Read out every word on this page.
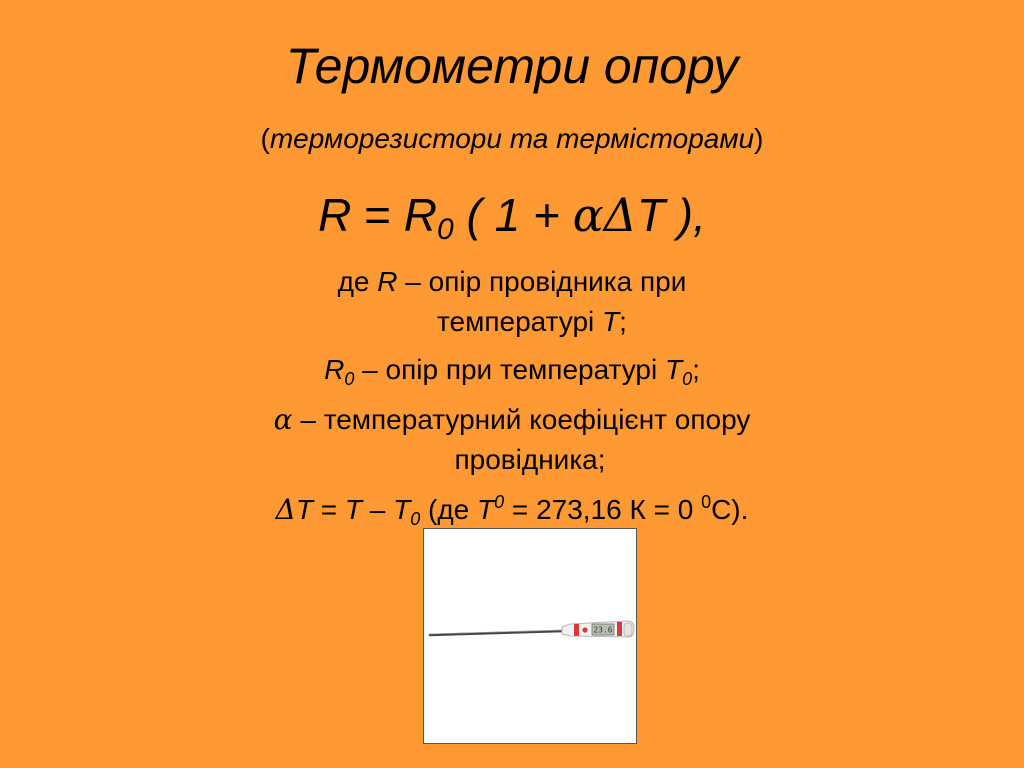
Термометри опору
(терморезистори та термісторами)
$R = R_0$ ( 1 + αΔT ),
де R – опір провідника при
температурі T;
$R_0$ – опір при температурі $T_0$;
α – температурний коефіцієнт опору
провідника;
$\Delta T = T - T_0$ (де $T^0 = 273,16$ К = 0 $^0$С).
23.6
